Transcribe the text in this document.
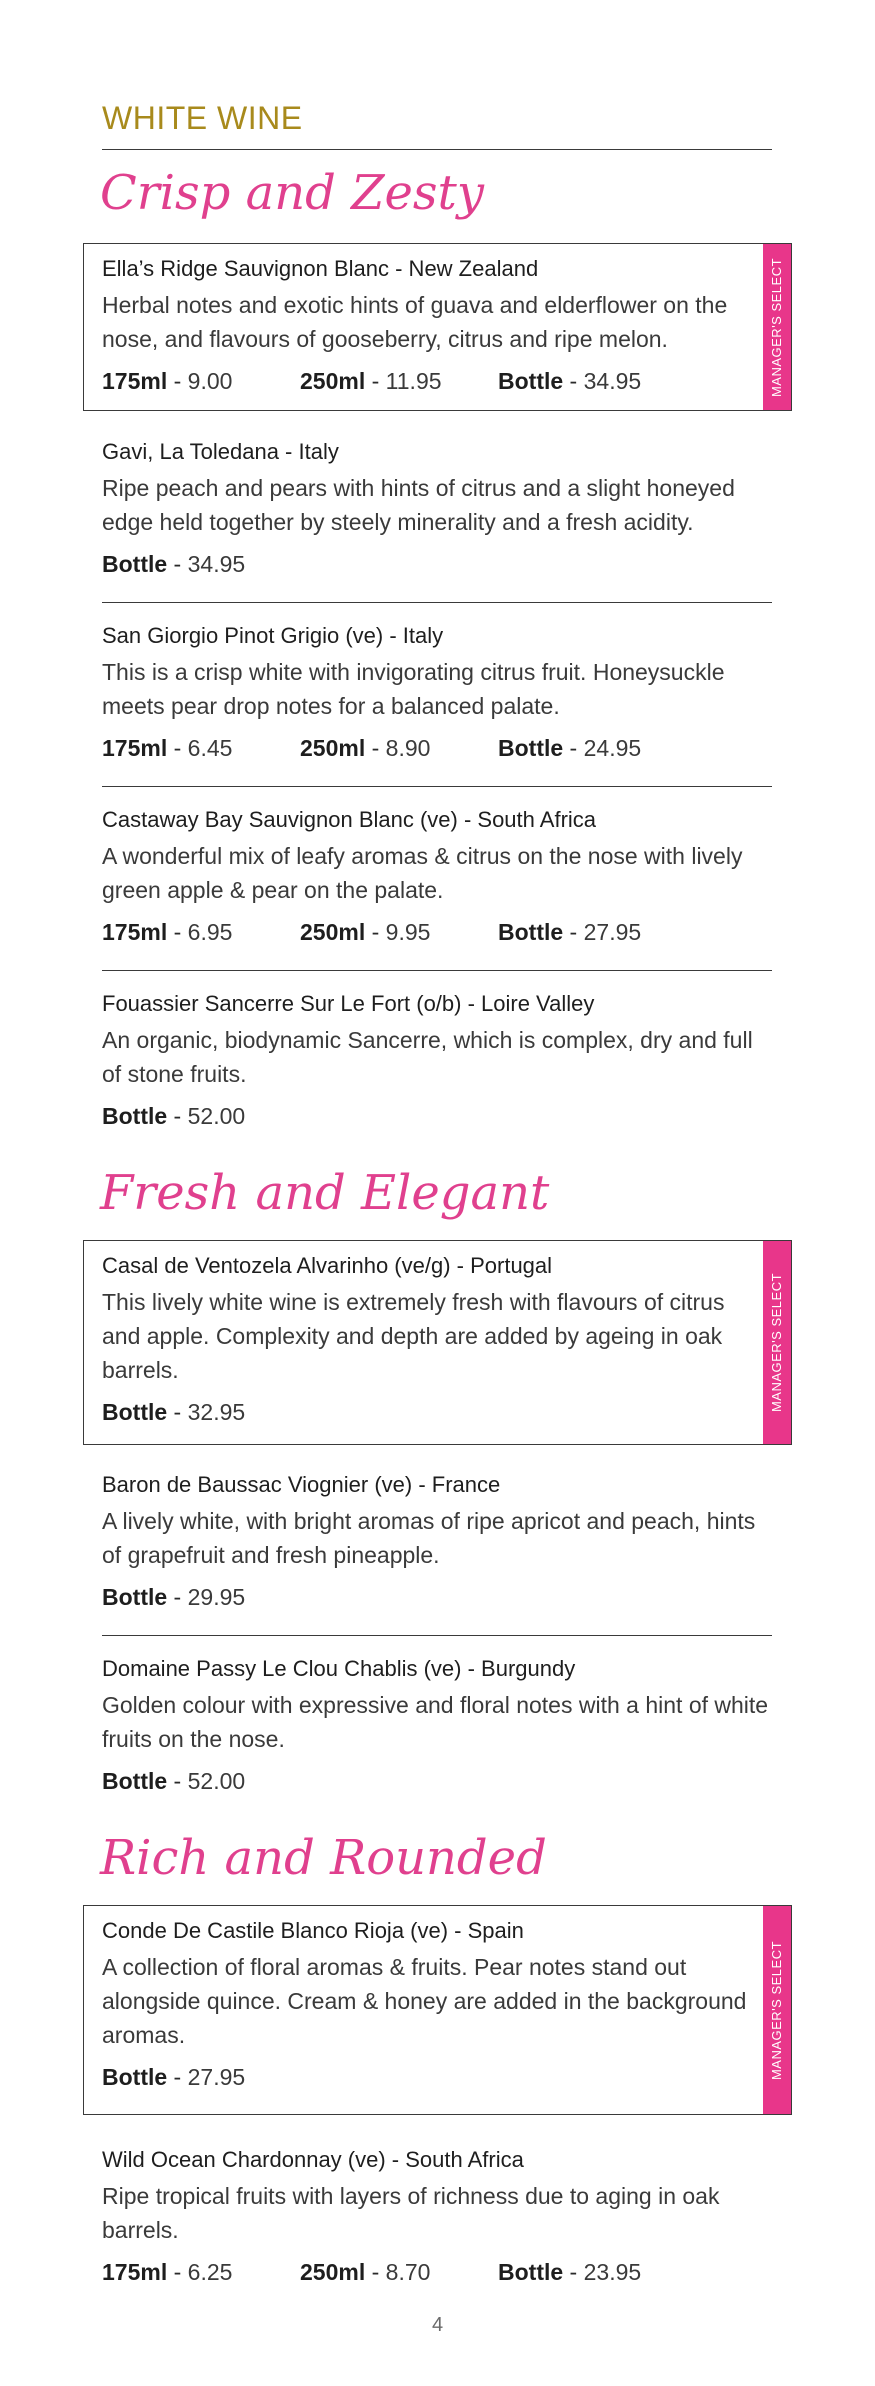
WHITE WINE
Crisp and Zesty
Ella’s Ridge Sauvignon Blanc - New Zealand
Herbal notes and exotic hints of guava and elderflower on the nose, and flavours of gooseberry, citrus and ripe melon.
175ml - 9.00	250ml - 11.95	Bottle - 34.95	MANAGER'S SELECT
Gavi, La Toledana - Italy
Ripe peach and pears with hints of citrus and a slight honeyed edge held together by steely minerality and a fresh acidity.
Bottle - 34.95
San Giorgio Pinot Grigio (ve) - Italy
This is a crisp white with invigorating citrus fruit. Honeysuckle meets pear drop notes for a balanced palate.
175ml - 6.45	250ml - 8.90	Bottle - 24.95
Castaway Bay Sauvignon Blanc (ve) - South Africa
A wonderful mix of leafy aromas & citrus on the nose with lively green apple & pear on the palate.
175ml - 6.95	250ml - 9.95	Bottle - 27.95
Fouassier Sancerre Sur Le Fort (o/b) - Loire Valley
An organic, biodynamic Sancerre, which is complex, dry and full of stone fruits.
Bottle - 52.00
Fresh and Elegant
Casal de Ventozela Alvarinho (ve/g) - Portugal
This lively white wine is extremely fresh with flavours of citrus and apple. Complexity and depth are added by ageing in oak barrels.
Bottle - 32.95	MANAGER'S SELECT
Baron de Baussac Viognier (ve) - France
A lively white, with bright aromas of ripe apricot and peach, hints of grapefruit and fresh pineapple.
Bottle - 29.95
Domaine Passy Le Clou Chablis (ve) - Burgundy
Golden colour with expressive and floral notes with a hint of white fruits on the nose.
Bottle - 52.00
Rich and Rounded
Conde De Castile Blanco Rioja (ve) - Spain
A collection of floral aromas & fruits. Pear notes stand out alongside quince. Cream & honey are added in the background aromas.
Bottle - 27.95	MANAGER'S SELECT
Wild Ocean Chardonnay (ve) - South Africa
Ripe tropical fruits with layers of richness due to aging in oak barrels.
175ml - 6.25	250ml - 8.70	Bottle - 23.95
4
